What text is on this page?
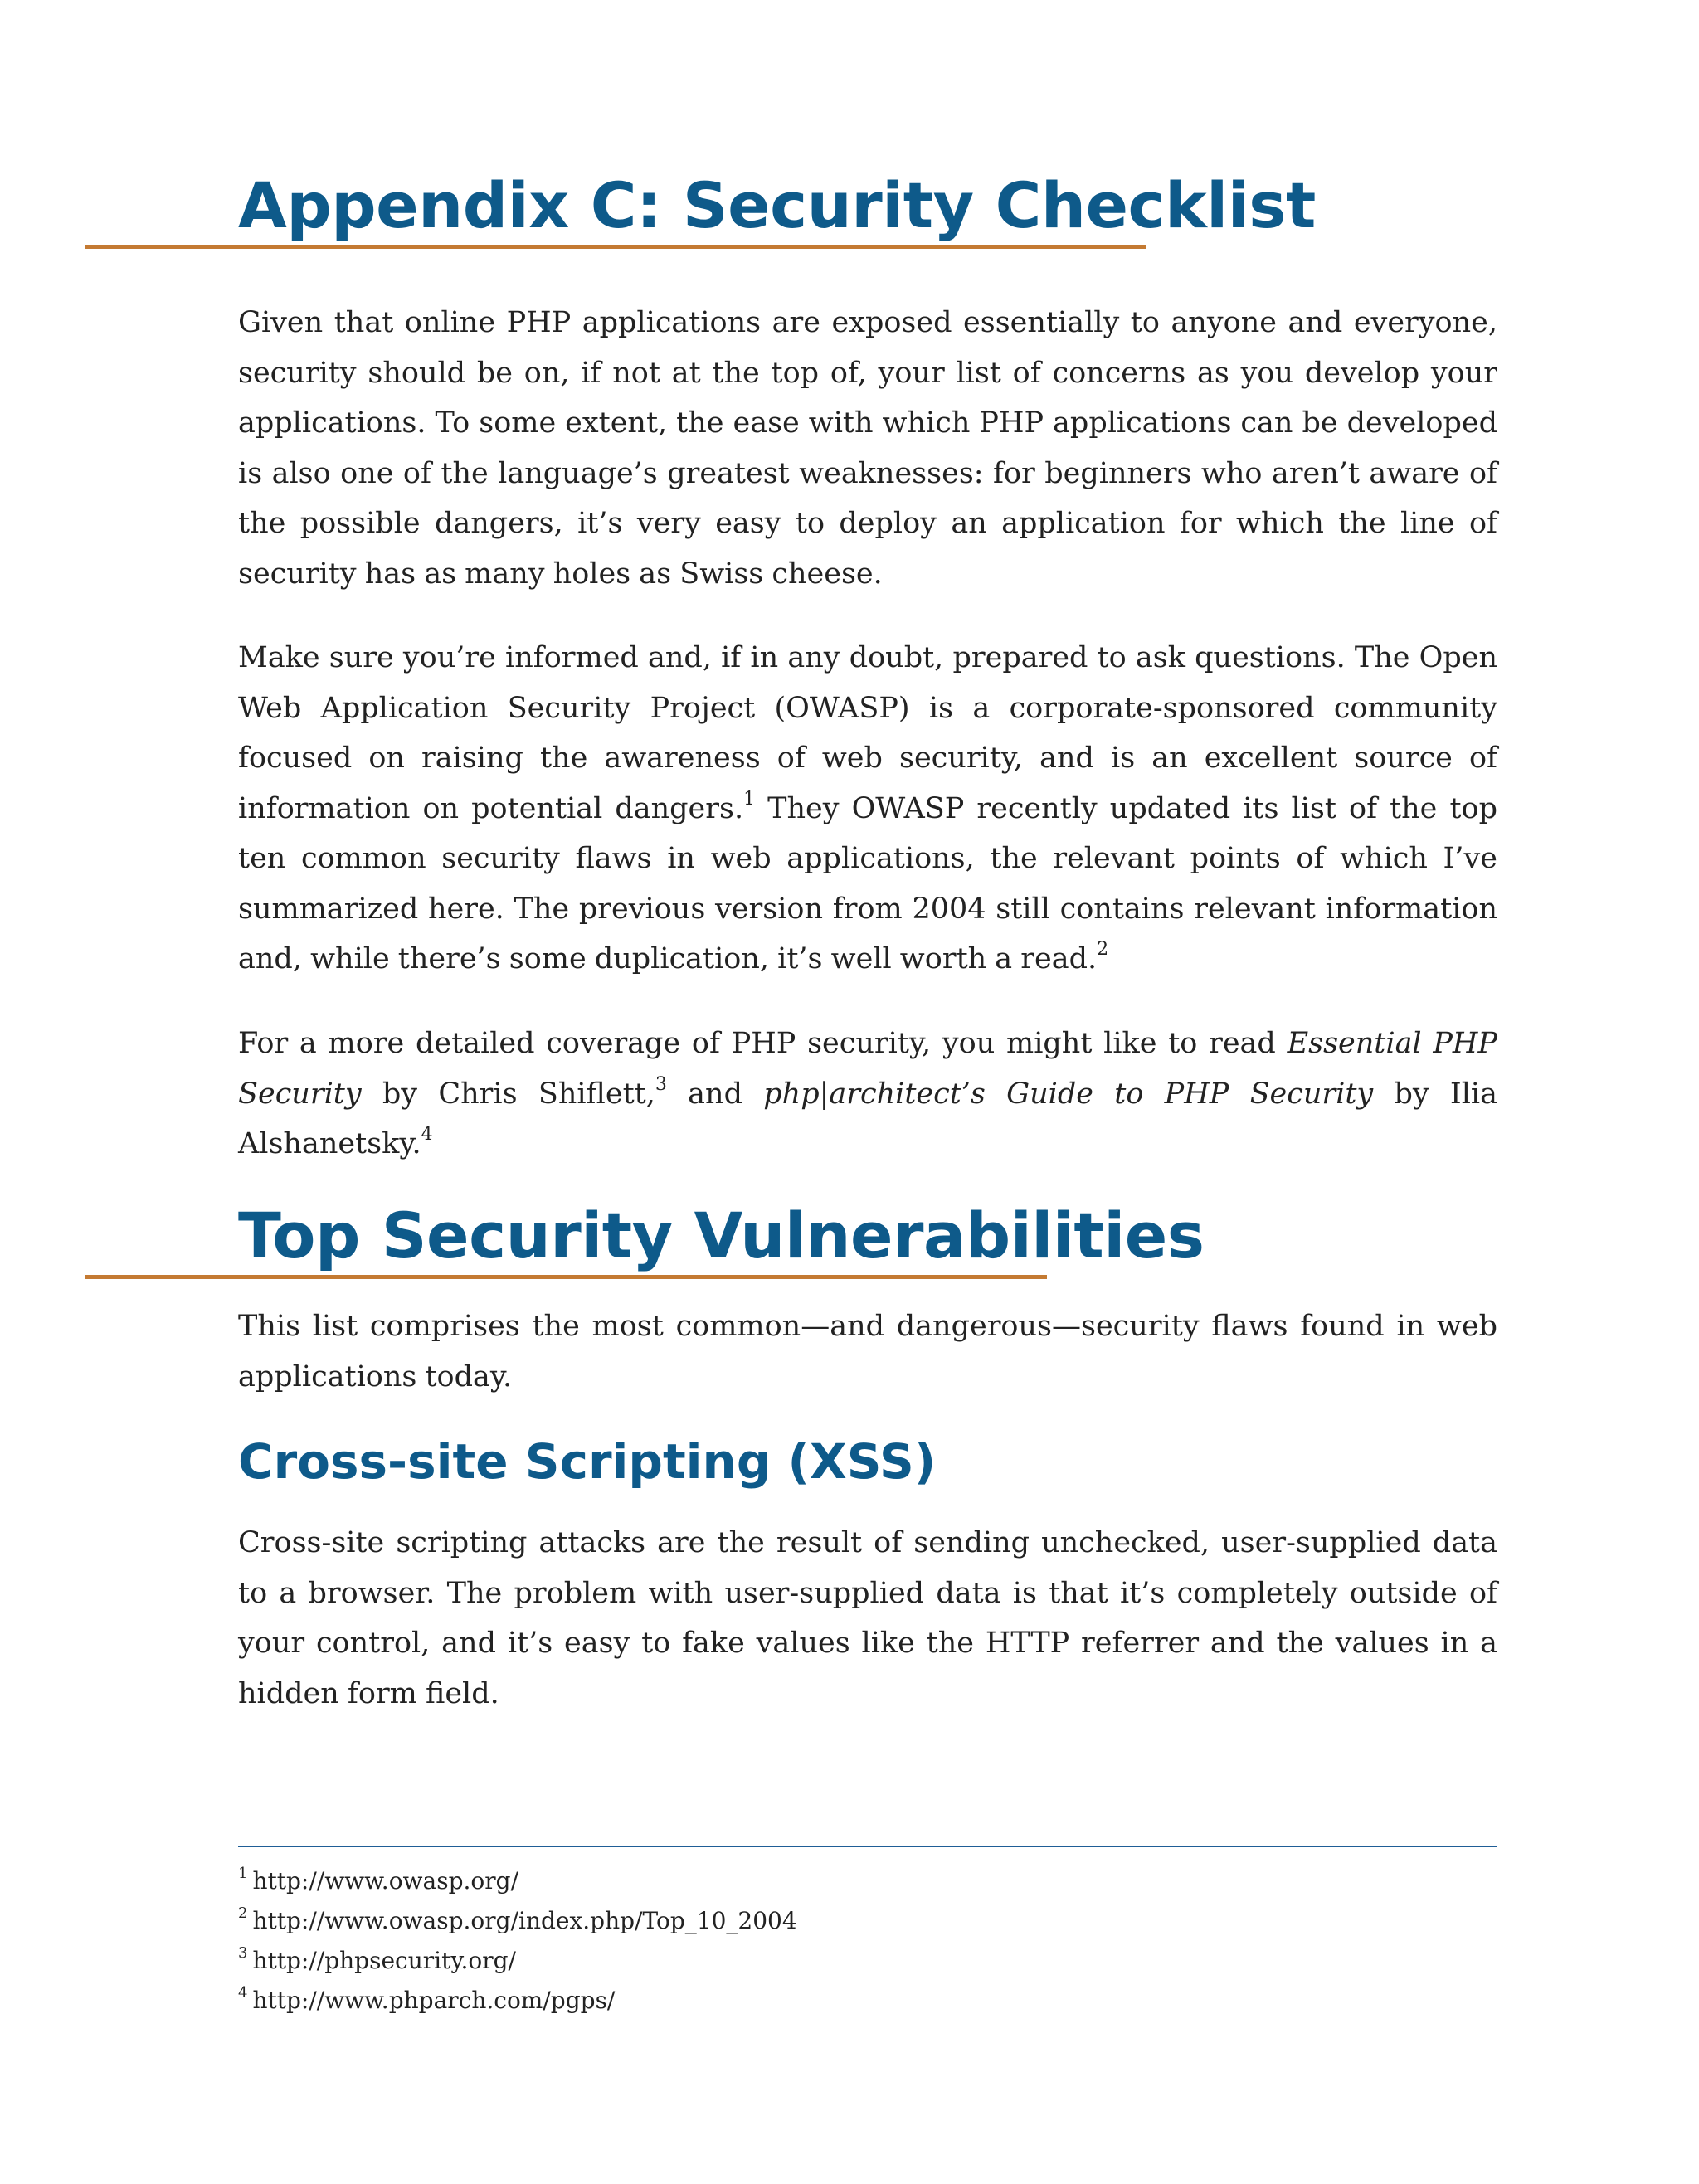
Appendix C: Security Checklist

Given that online PHP applications are exposed essentially to anyone and everyone, security should be on, if not at the top of, your list of concerns as you develop your applications. To some extent, the ease with which PHP applications can be developed is also one of the language’s greatest weaknesses: for beginners who aren’t aware of the possible dangers, it’s very easy to deploy an application for which the line of security has as many holes as Swiss cheese.

Make sure you’re informed and, if in any doubt, prepared to ask questions. The Open Web Application Security Project (OWASP) is a corporate-sponsored community focused on raising the awareness of web security, and is an excellent source of information on potential dangers.$^1$ They OWASP recently updated its list of the top ten common security flaws in web applications, the relevant points of which I’ve summarized here. The previous version from 2004 still contains relevant information and, while there’s some duplication, it’s well worth a read.$^2$

For a more detailed coverage of PHP security, you might like to read Essential PHP Security by Chris Shiflett,$^3$ and php|architect’s Guide to PHP Security by Ilia Alshanetsky.$^4$

Top Security Vulnerabilities

This list comprises the most common—and dangerous—security flaws found in web applications today.

Cross-site Scripting (XSS)

Cross-site scripting attacks are the result of sending unchecked, user-supplied data to a browser. The problem with user-supplied data is that it’s completely outside of your control, and it’s easy to fake values like the HTTP referrer and the values in a hidden form field.

$^1$ http://www.owasp.org/
$^2$ http://www.owasp.org/index.php/Top_10_2004
$^3$ http://phpsecurity.org/
$^4$ http://www.phparch.com/pgps/
